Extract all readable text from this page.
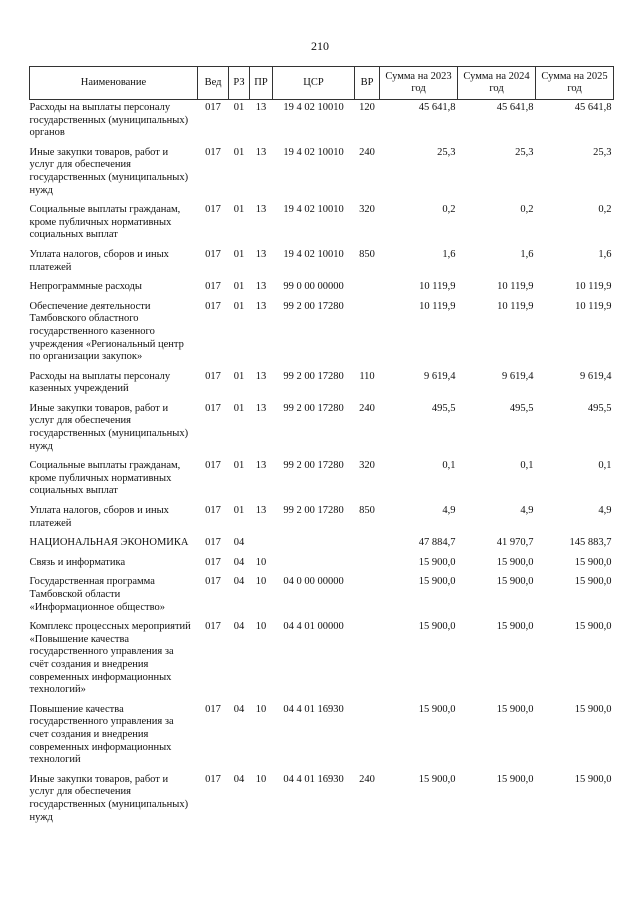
210
Наименование	Вед	РЗ	ПР	ЦСР	ВР	Сумма на 2023 год	Сумма на 2024 год	Сумма на 2025 год
Расходы на выплаты персоналу государственных (муниципальных) органов	017	01	13	19 4 02 10010	120	45 641,8	45 641,8	45 641,8
Иные закупки товаров, работ и услуг для обеспечения государственных (муниципальных) нужд	017	01	13	19 4 02 10010	240	25,3	25,3	25,3
Социальные выплаты гражданам, кроме публичных нормативных социальных выплат	017	01	13	19 4 02 10010	320	0,2	0,2	0,2
Уплата налогов, сборов и иных платежей	017	01	13	19 4 02 10010	850	1,6	1,6	1,6
Непрограммные расходы	017	01	13	99 0 00 00000		10 119,9	10 119,9	10 119,9
Обеспечение деятельности Тамбовского областного государственного казенного учреждения «Региональный центр по организации закупок»	017	01	13	99 2 00 17280		10 119,9	10 119,9	10 119,9
Расходы на выплаты персоналу казенных учреждений	017	01	13	99 2 00 17280	110	9 619,4	9 619,4	9 619,4
Иные закупки товаров, работ и услуг для обеспечения государственных (муниципальных) нужд	017	01	13	99 2 00 17280	240	495,5	495,5	495,5
Социальные выплаты гражданам, кроме публичных нормативных социальных выплат	017	01	13	99 2 00 17280	320	0,1	0,1	0,1
Уплата налогов, сборов и иных платежей	017	01	13	99 2 00 17280	850	4,9	4,9	4,9
НАЦИОНАЛЬНАЯ ЭКОНОМИКА	017	04				47 884,7	41 970,7	145 883,7
Связь и информатика	017	04	10			15 900,0	15 900,0	15 900,0
Государственная программа Тамбовской области «Информационное общество»	017	04	10	04 0 00 00000		15 900,0	15 900,0	15 900,0
Комплекс процессных мероприятий «Повышение качества государственного управления за счёт создания и внедрения современных информационных технологий»	017	04	10	04 4 01 00000		15 900,0	15 900,0	15 900,0
Повышение качества государственного управления за счет создания и внедрения современных информационных технологий	017	04	10	04 4 01 16930		15 900,0	15 900,0	15 900,0
Иные закупки товаров, работ и услуг для обеспечения государственных (муниципальных) нужд	017	04	10	04 4 01 16930	240	15 900,0	15 900,0	15 900,0
